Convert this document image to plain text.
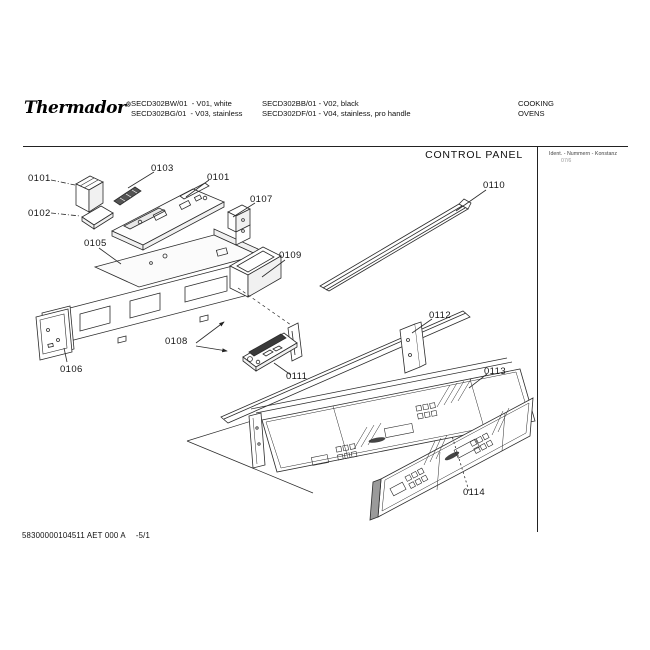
Thermador® SECD302BW/01  - V01, white	SECD302BB/01 - V02, black
SECD302BG/01  - V03, stainless	SECD302DF/01 - V04, stainless, pro handle
COOKING
OVENS
CONTROL PANEL	Ident. - Nummern - Konstanz
07/6
0101
0103
0101
0102
0107
0110
0105
0109
0112
0106
0108
0111	0113
0114
58300000104511 AET 000 A -5/1
